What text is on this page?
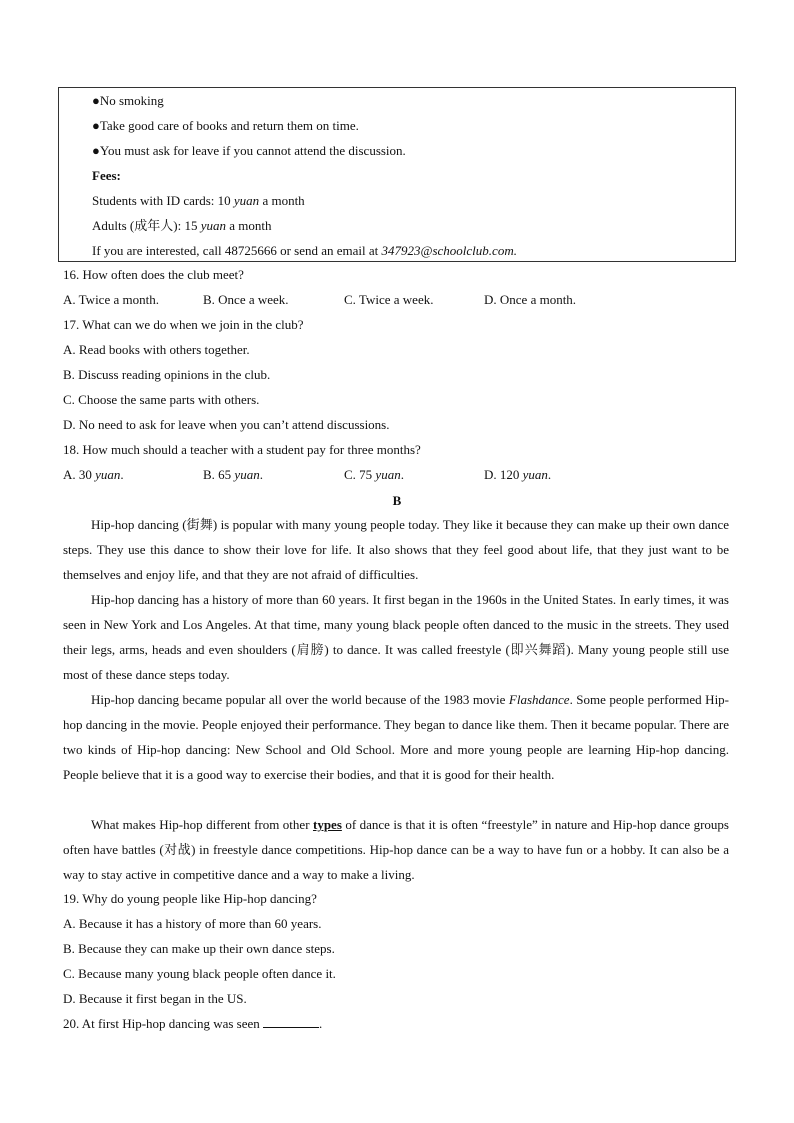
●No smoking
●Take good care of books and return them on time.
●You must ask for leave if you cannot attend the discussion.
Fees:
Students with ID cards: 10 yuan a month
Adults (成年人): 15 yuan a month
If you are interested, call 48725666 or send an email at 347923@schoolclub.com.
16. How often does the club meet?
A. Twice a month.	B. Once a week.	C. Twice a week.	D. Once a month.
17. What can we do when we join in the club?
A. Read books with others together.
B. Discuss reading opinions in the club.
C. Choose the same parts with others.
D. No need to ask for leave when you can’t attend discussions.
18. How much should a teacher with a student pay for three months?
A. 30 yuan.	B. 65 yuan.	C. 75 yuan.	D. 120 yuan.
B

Hip-hop dancing (街舞) is popular with many young people today. They like it because they can make up their own dance steps. They use this dance to show their love for life. It also shows that they feel good about life, that they just want to be themselves and enjoy life, and that they are not afraid of difficulties.

Hip-hop dancing has a history of more than 60 years. It first began in the 1960s in the United States. In early times, it was seen in New York and Los Angeles. At that time, many young black people often danced to the music in the streets. They used their legs, arms, heads and even shoulders (肩膀) to dance. It was called freestyle (即兴舞蹈). Many young people still use most of these dance steps today.

Hip-hop dancing became popular all over the world because of the 1983 movie Flashdance. Some people performed Hip-hop dancing in the movie. People enjoyed their performance. They began to dance like them. Then it became popular. There are two kinds of Hip-hop dancing: New School and Old School. More and more young people are learning Hip-hop dancing. People believe that it is a good way to exercise their bodies, and that it is good for their health.

What makes Hip-hop different from other types of dance is that it is often “freestyle” in nature and Hip-hop dance groups often have battles (对战) in freestyle dance competitions. Hip-hop dance can be a way to have fun or a hobby. It can also be a way to stay active in competitive dance and a way to make a living.

19. Why do young people like Hip-hop dancing?
A. Because it has a history of more than 60 years.
B. Because they can make up their own dance steps.
C. Because many young black people often dance it.
D. Because it first began in the US.
20. At first Hip-hop dancing was seen	.
